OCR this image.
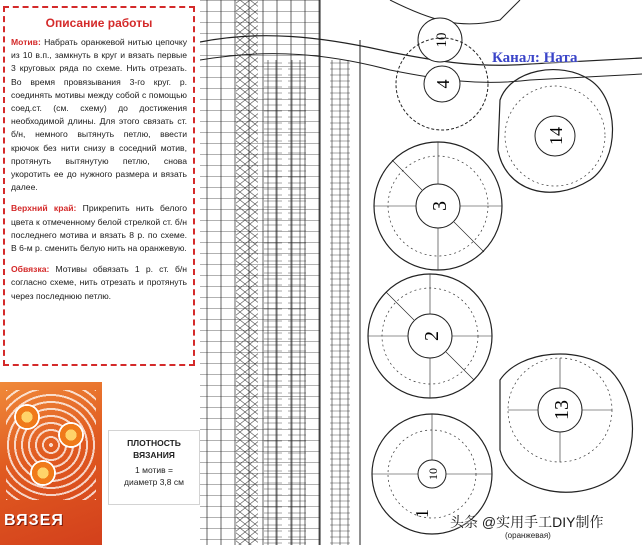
Описание работы

Мотив: Набрать оранжевой нитью цепочку из 10 в.п., замкнуть в круг и вязать первые 3 круговых ряда по схеме. Нить отрезать. Во время провязывания 3-го круг. р. соединять мотивы между собой с помощью соед.ст. (см. схему) до достижения необходимой длины. Для этого связать ст. б/н, немного вытянуть петлю, ввести крючок без нити снизу в соседний мотив, протянуть вытянутую петлю, снова укоротить ее до нужного размера и вязать далее.

Верхний край: Прикрепить нить белого цвета к отмеченному белой стрелкой ст. б/н последнего мотива и вязать 8 р. по схеме. В 6-м р. сменить белую нить на оранжевую.

Обвязка: Мотивы обвязать 1 р. ст. б/н согласно схеме, нить отрезать и протянуть через последнюю петлю.

ВЯЗЕЯ
ПЛОТНОСТЬ
ВЯЗАНИЯ
1 мотив =
диаметр 3,8 см
10
4
14
3
2
13
10
1
Канал: Ната
(оранжевая)
头条 @实用手工DIY制作
